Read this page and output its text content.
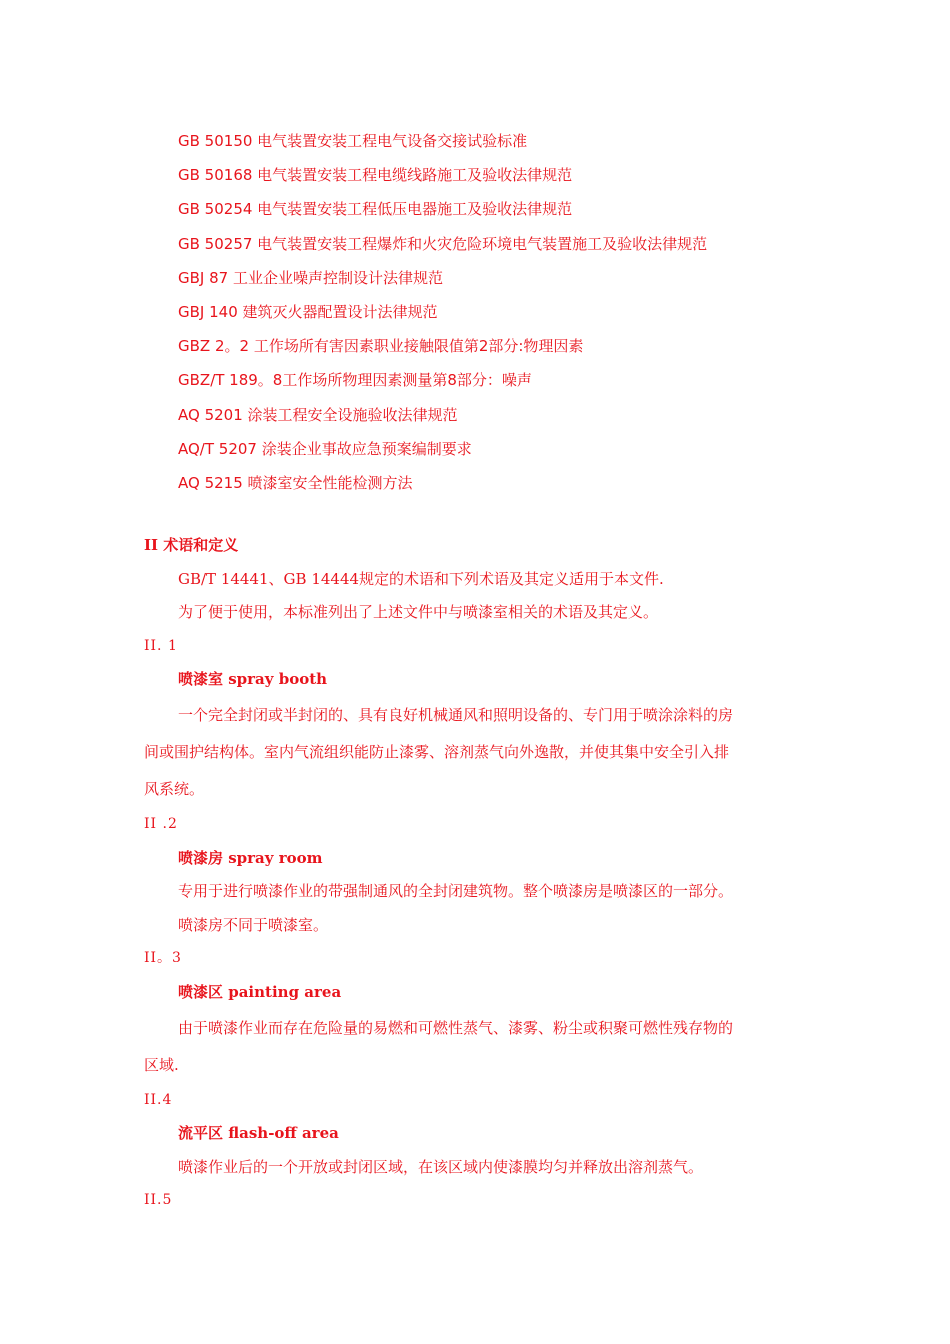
GB 50150 电气装置安装工程电气设备交接试验标准
GB 50168 电气装置安装工程电缆线路施工及验收法律规范
GB 50254 电气装置安装工程低压电器施工及验收法律规范
GB 50257 电气装置安装工程爆炸和火灾危险环境电气装置施工及验收法律规范
GBJ 87 工业企业噪声控制设计法律规范
GBJ 140 建筑灭火器配置设计法律规范
GBZ 2。2 工作场所有害因素职业接触限值第2部分:物理因素
GBZ/T 189。8工作场所物理因素测量第8部分：噪声
AQ 5201 涂装工程安全设施验收法律规范
AQ/T 5207 涂装企业事故应急预案编制要求
AQ 5215 喷漆室安全性能检测方法
II 术语和定义
GB/T 14441、GB 14444规定的术语和下列术语及其定义适用于本文件.
为了便于使用，本标准列出了上述文件中与喷漆室相关的术语及其定义。
II. 1
喷漆室 spray booth
一个完全封闭或半封闭的、具有良好机械通风和照明设备的、专门用于喷涂涂料的房
间或围护结构体。室内气流组织能防止漆雾、溶剂蒸气向外逸散，并使其集中安全引入排
风系统。
II .2
喷漆房 spray room
专用于进行喷漆作业的带强制通风的全封闭建筑物。整个喷漆房是喷漆区的一部分。
喷漆房不同于喷漆室。
II。3
喷漆区 painting area
由于喷漆作业而存在危险量的易燃和可燃性蒸气、漆雾、粉尘或积聚可燃性残存物的
区域.
II.4
流平区 flash-off area
喷漆作业后的一个开放或封闭区域，在该区域内使漆膜均匀并释放出溶剂蒸气。
II.5
